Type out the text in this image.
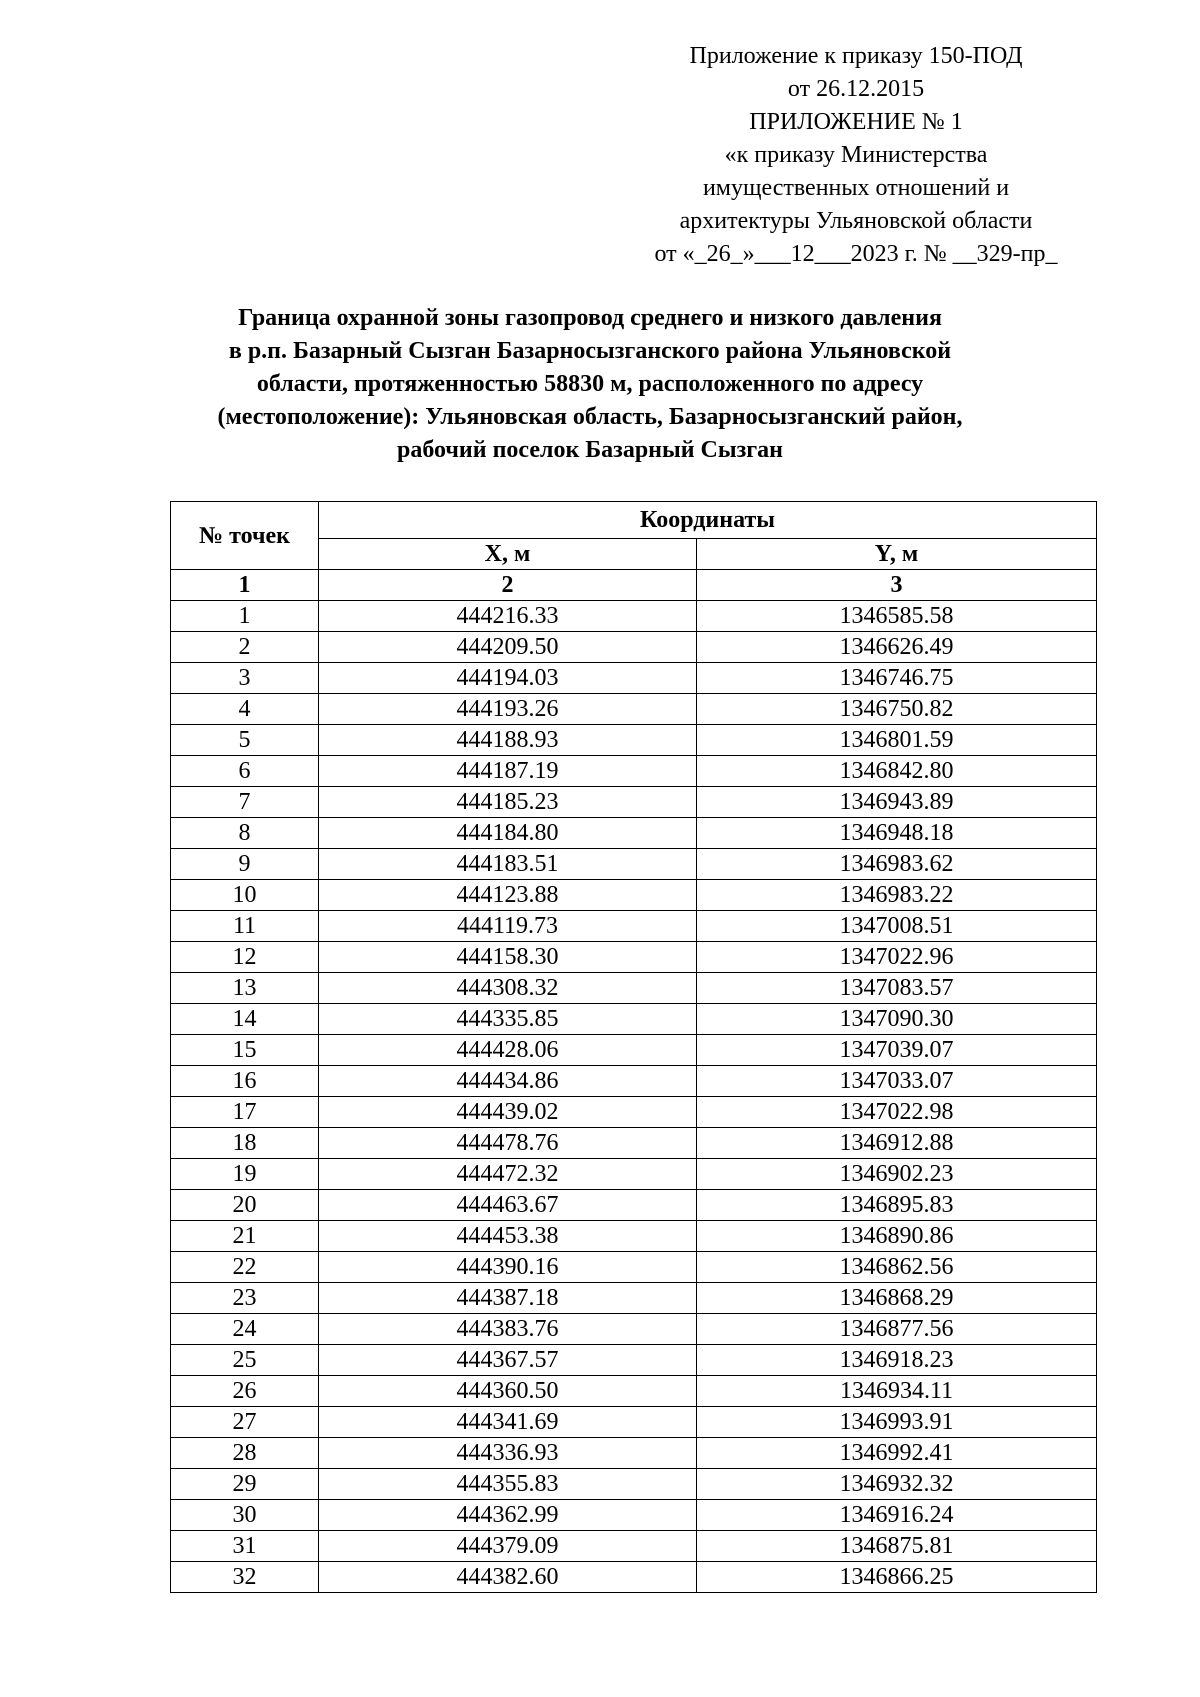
Приложение к приказу 150-ПОД
от 26.12.2015
ПРИЛОЖЕНИЕ № 1
«к приказу Министерства
имущественных отношений и
архитектуры Ульяновской области
от «_26_»___12___2023 г. № __329-пр_
Граница охранной зоны газопровод среднего и низкого давления
в р.п. Базарный Сызган Базарносызганского района Ульяновской
области, протяженностью 58830 м, расположенного по адресу
(местоположение): Ульяновская область, Базарносызганский район,
рабочий поселок Базарный Сызган
№ точек	Координаты	
	X, м	Y, м
1	2	3
1	444216.33	1346585.58
2	444209.50	1346626.49
3	444194.03	1346746.75
4	444193.26	1346750.82
5	444188.93	1346801.59
6	444187.19	1346842.80
7	444185.23	1346943.89
8	444184.80	1346948.18
9	444183.51	1346983.62
10	444123.88	1346983.22
11	444119.73	1347008.51
12	444158.30	1347022.96
13	444308.32	1347083.57
14	444335.85	1347090.30
15	444428.06	1347039.07
16	444434.86	1347033.07
17	444439.02	1347022.98
18	444478.76	1346912.88
19	444472.32	1346902.23
20	444463.67	1346895.83
21	444453.38	1346890.86
22	444390.16	1346862.56
23	444387.18	1346868.29
24	444383.76	1346877.56
25	444367.57	1346918.23
26	444360.50	1346934.11
27	444341.69	1346993.91
28	444336.93	1346992.41
29	444355.83	1346932.32
30	444362.99	1346916.24
31	444379.09	1346875.81
32	444382.60	1346866.25
